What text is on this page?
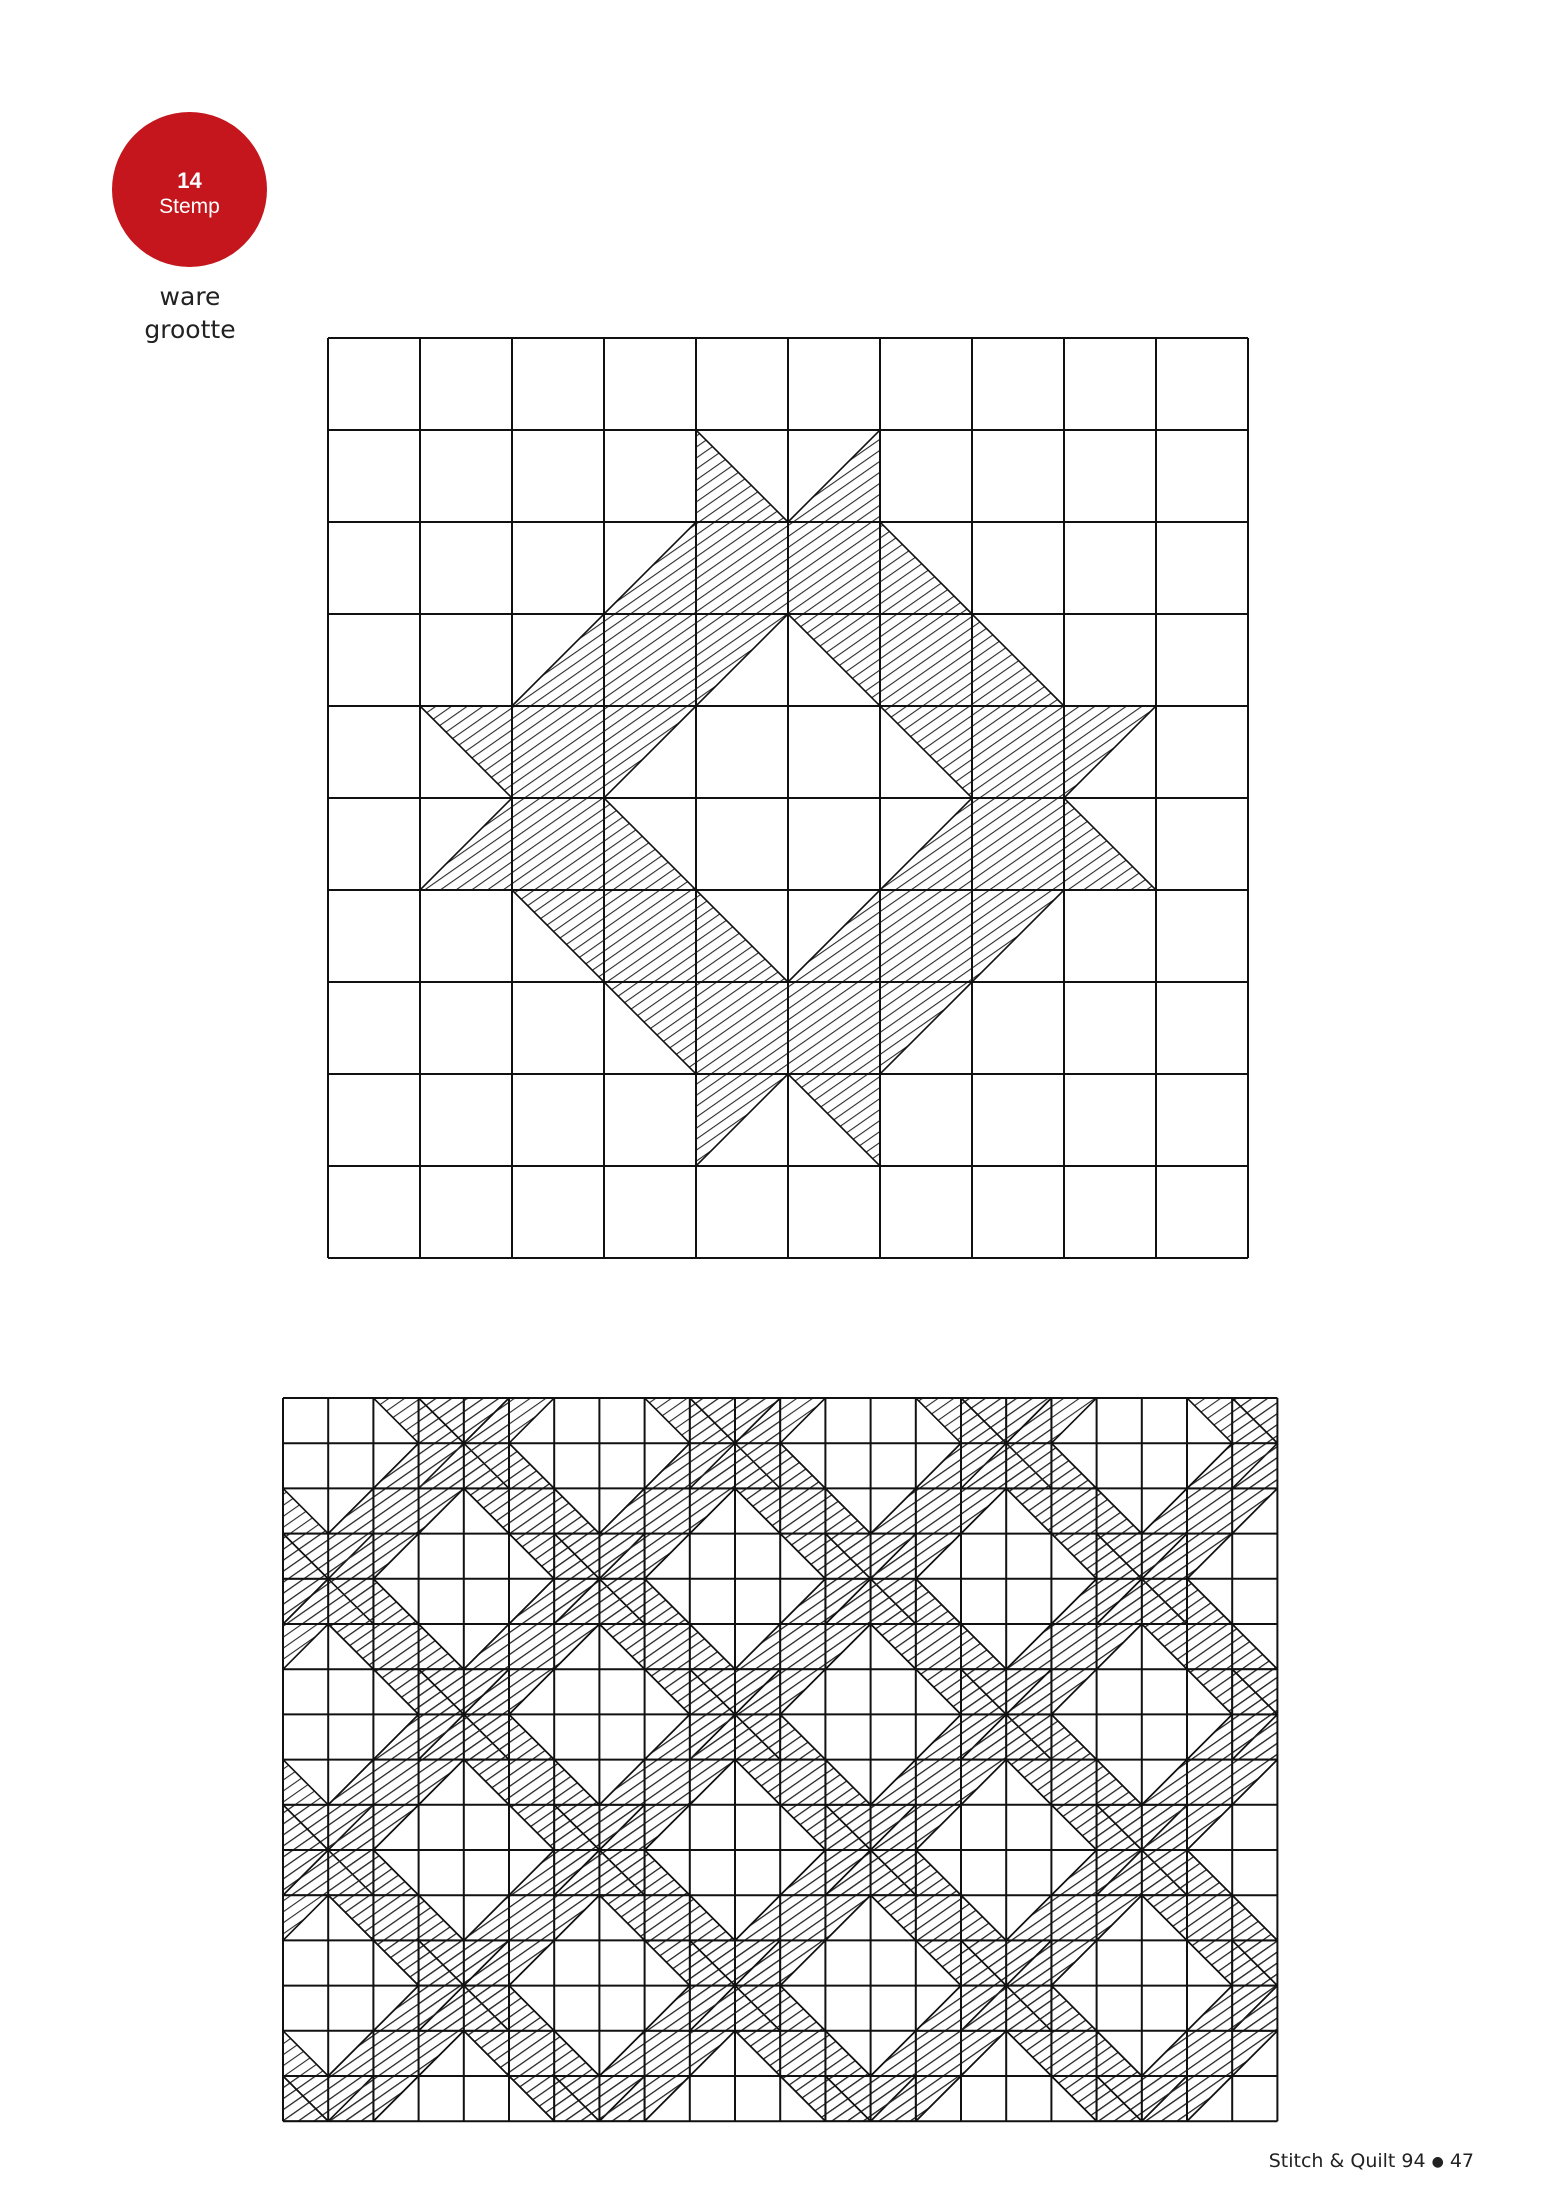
14
Stemp
ware
grootte
Stitch & Quilt 94 ● 47
